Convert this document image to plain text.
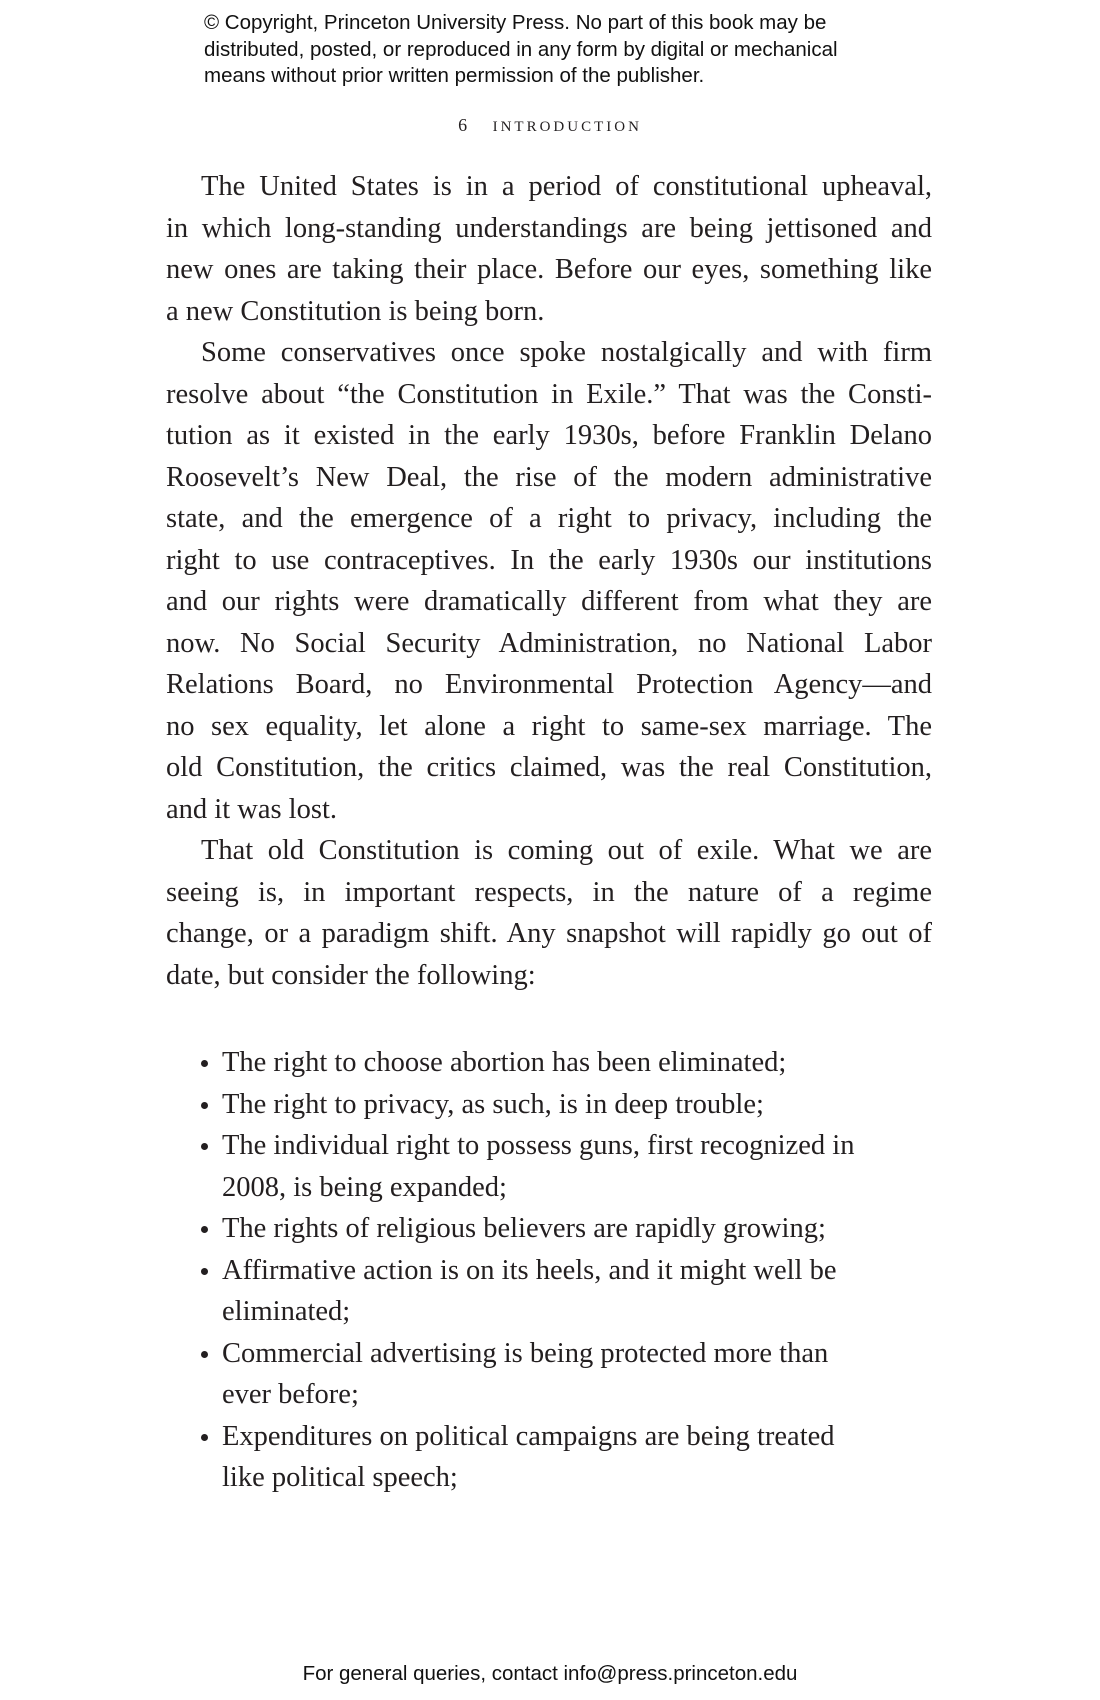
© Copyright, Princeton University Press. No part of this book may be
distributed, posted, or reproduced in any form by digital or mechanical
means without prior written permission of the publisher.
6 introduction
The United States is in a period of constitutional upheaval,
in which long-standing understandings are being jettisoned and
new ones are taking their place. Before our eyes, something like
a new Constitution is being born.
Some conservatives once spoke nostalgically and with firm
resolve about “the Constitution in Exile.” That was the Consti-
tution as it existed in the early 1930s, before Franklin Delano
Roosevelt’s New Deal, the rise of the modern administrative
state, and the emergence of a right to privacy, including the
right to use contraceptives. In the early 1930s our institutions
and our rights were dramatically different from what they are
now. No Social Security Administration, no National Labor
Relations Board, no Environmental Protection Agency—and
no sex equality, let alone a right to same-sex marriage. The
old Constitution, the critics claimed, was the real Constitution,
and it was lost.
That old Constitution is coming out of exile. What we are
seeing is, in important respects, in the nature of a regime
change, or a paradigm shift. Any snapshot will rapidly go out of
date, but consider the following:
The right to choose abortion has been eliminated;
The right to privacy, as such, is in deep trouble;
The individual right to possess guns, first recognized in
2008, is being expanded;
The rights of religious believers are rapidly growing;
Affirmative action is on its heels, and it might well be
eliminated;
Commercial advertising is being protected more than
ever before;
Expenditures on political campaigns are being treated
like political speech;
For general queries, contact info@press.princeton.edu
